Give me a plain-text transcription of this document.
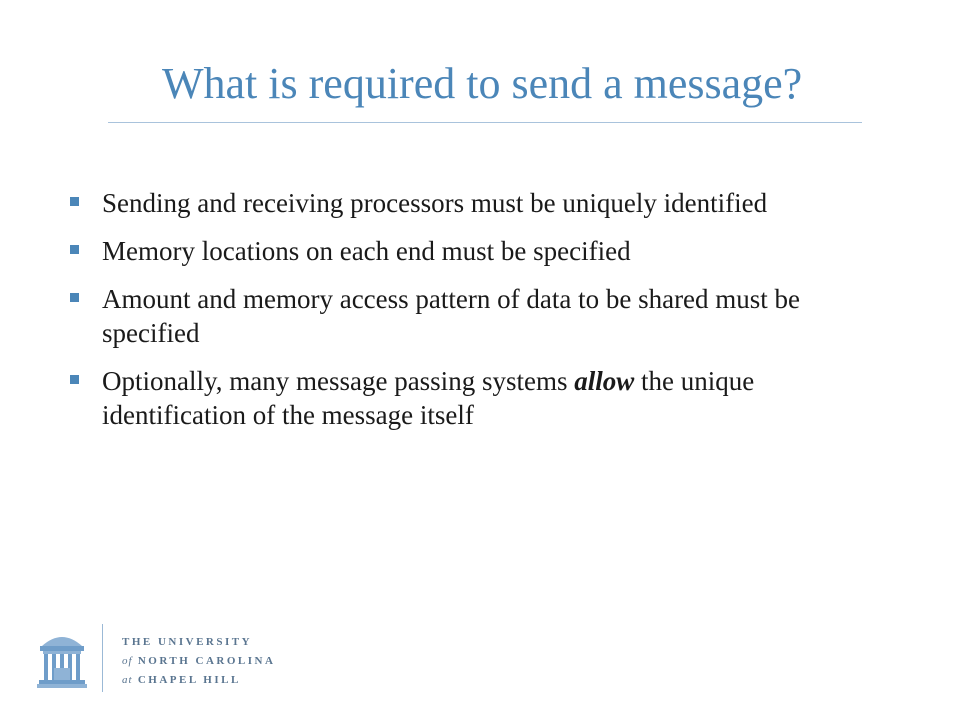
What is required to send a message?
Sending and receiving processors must be uniquely identified
Memory locations on each end must be specified
Amount and memory access pattern of data to be shared must be specified
Optionally, many message passing systems allow the unique identification of the message itself
THE UNIVERSITY
of NORTH CAROLINA
at CHAPEL HILL
